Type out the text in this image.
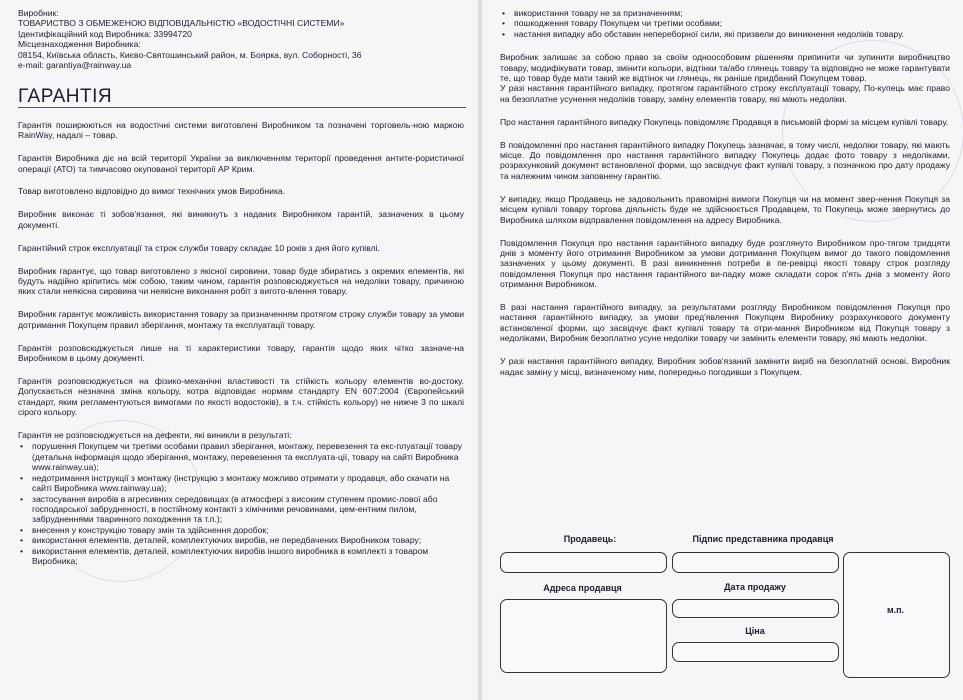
Виробник:
ТОВАРИСТВО З ОБМЕЖЕНОЮ ВІДПОВІДАЛЬНІСТЮ «ВОДОСТІЧНІ СИСТЕМИ»
Ідентифікаційний код Виробника: 33994720
Місцезнаходження Виробника:
08154, Київська область, Києво-Святошинський район, м. Боярка, вул. Соборності, 36
e-mail: garantiya@rainway.ua
ГАРАНТІЯ

Гарантія поширюються на водостічні системи виготовлені Виробником та позначені торговель-ною маркою RainWay, надалі – товар.

Гарантія Виробника діє на всій території України за виключенням території проведення антите-рористичної операції (АТО) та тимчасово окупованої території АР Крим.

Товар виготовлено відповідно до вимог технічних умов Виробника.

Виробник виконає ті зобов'язання, які виникнуть з наданих Виробником гарантій, зазначених в цьому документі.

Гарантійний строк експлуатації та строк служби товару складає 10 років з дня його купівлі.

Виробник гарантує, що товар виготовлено з якісної сировини, товар буде збиратись з окремих елементів, які будуть надійно кріпитись між собою, таким чином, гарантія розповсюджується на недоліки товару, причиною яких стали неякісна сировина чи неякісне виконання робіт з вигото-влення товару.

Виробник гарантує можливість використання товару за призначенням протягом строку служби товару за умови дотримання Покупцем правил зберігання, монтажу та експлуатації товару.

Гарантія розповсюджується лише на ті характеристики товару, гарантія щодо яких чітко зазначе-на Виробником в цьому документі.

Гарантія розповсюджується на фізико-механічні властивості та стійкість кольору елементів во-достоку. Допускається незначна зміна кольору, котра відповідає нормам стандарту EN 607:2004 (Європейський стандарт, яким регламентуються вимогами по якості водостоків), в т.ч. стійкість кольору) не нижче 3 по шкалі сірого кольору.

Гарантія не розповсюджується на дефекти, які виникли в результаті:
• порушення Покупцем чи третіми особами правил зберігання, монтажу, перевезення та екс-плуатації товару (детальна інформація щодо зберігання, монтажу, перевезення та експлуата-ції, товару на сайті Виробника www.rainway.ua);
• недотримання інструкції з монтажу (інструкцію з монтажу можливо отримати у продавця, або скачати на сайті Виробника www.rainway.ua);
• застосування виробів в агресивних середовищах (в атмосфері з високим ступенем промис-лової або господарської забрудненості, в постійному контакті з хімічними речовинами, цем-ентним пилом, забрудненнями тваринного походження та т.п.);
• внесення у конструкцію товару змін та здійснення доробок;
• використання елементів, деталей, комплектуючих виробів, не передбачених Виробником товару;
• використання елементів, деталей, комплектуючих виробів іншого виробника в комплекті з товаром Виробника;
• використання товару не за призначенням;
• пошкодження товару Покупцем чи третіми особами;
• настання випадку або обставин непереборної сили, які призвели до виникнення недоліків товару.

Виробник залишає за собою право за своїм одноособовим рішенням припинити чи зупинити виробництво товару, модифікувати товар, змінити кольори, відтінки та/або глянець товару та відповідно не може гарантувати те, що товар буде мати такий же відтінок чи глянець, як раніше придбаний Покупцем товар.
У разі настання гарантійного випадку, протягом гарантійного строку експлуатації товару, По-купець має право на безоплатне усунення недоліків товару, заміну елементів товару, які мають недоліки.

Про настання гарантійного випадку Покупець повідомляє Продавця в письмовій формі за місцем купівлі товару.

В повідомленні про настання гарантійного випадку Покупець зазначає, в тому числі, недоліки товару, які мають місце. До повідомлення про настання гарантійного випадку Покупець додає фото товару з недоліками, розрахунковий документ встановленої форми, що засвідчує факт купівлі товару, з позначкою про дату продажу та належним чином заповнену гарантію.

У випадку, якщо Продавець не задовольнить правомірні вимоги Покупця чи на момент звер-нення Покупця за місцем купівлі товару торгова діяльність буде не здійснюється Продавцем, то Покупець може звернутись до Виробника шляхом відправлення повідомлення на адресу Виробника.

Повідомлення Покупця про настання гарантійного випадку буде розглянуто Виробником про-тягом тридцяти днів з моменту його отримання Виробником за умови дотримання Покупцем вимог до такого повідомлення зазначених у цьому документі. В разі виникнення потреби в пе-ревірці якості товару строк розгляду повідомлення Покупця про настання гарантійного ви-падку може складати сорок п'ять днів з моменту його отримання Виробником.

В разі настання гарантійного випадку, за результатами розгляду Виробником повідомлення Покупця про настання гарантійного випадку, за умови пред'явлення Покупцем Виробнику розрахункового документу встановленої форми, що засвідчує факт купівлі товару та отри-мання Виробником від Покупця товару з недоліками, Виробник безоплатно усуне недоліки товару чи замінить елементи товару, які мають недоліки.

У разі настання гарантійного випадку, Виробник зобов'язаний замінити виріб на безоплатній основі. Виробник надає заміну у місці, визначеному ним, попередньо погодивши з Покупцем.

Продавець:	Підпис представника продавця
Адреса продавця	Дата продажу
Ціна
м.п.
